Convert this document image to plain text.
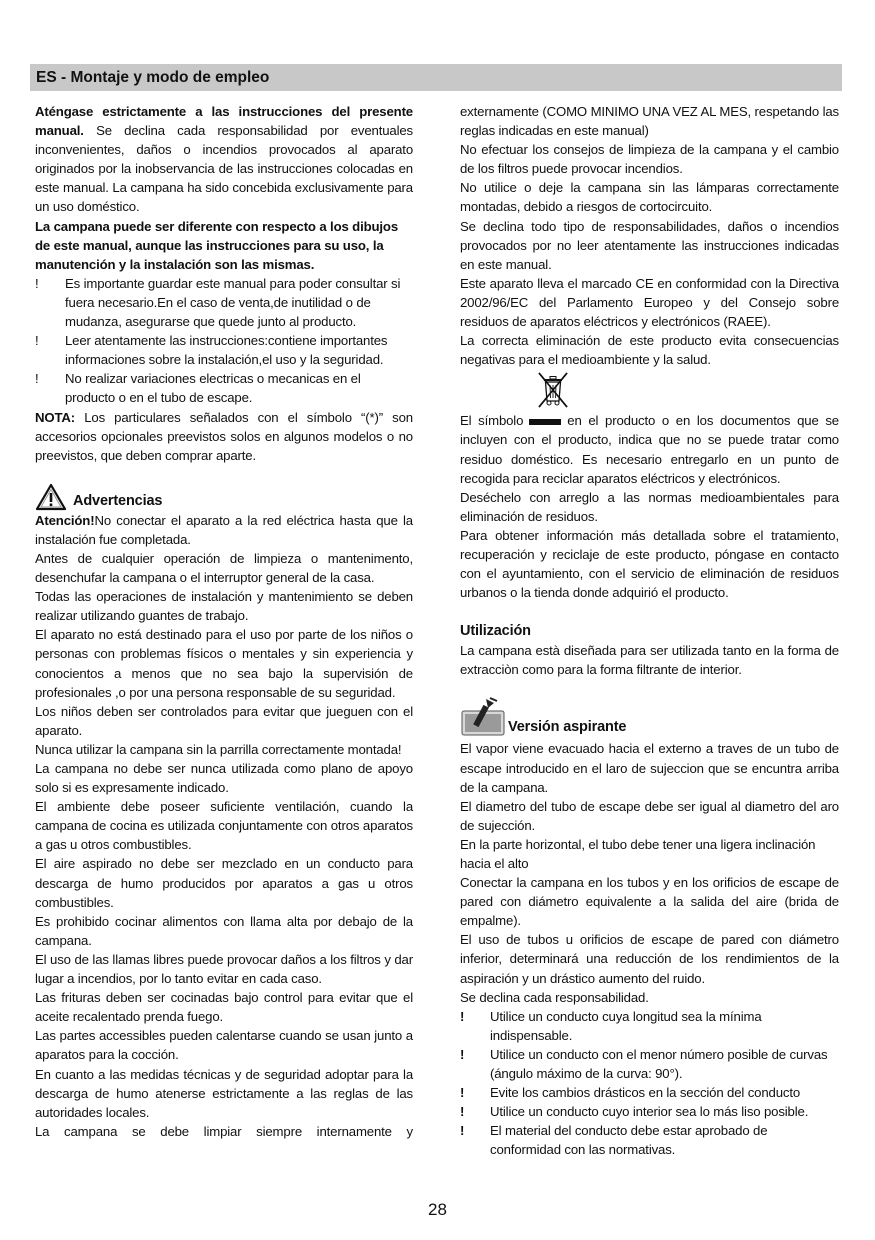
ES - Montaje y modo de empleo

Aténgase estrictamente a las instrucciones del presente manual. Se declina cada responsabilidad por eventuales inconvenientes, daños o incendios provocados al aparato originados por la inobservancia de las instrucciones colocadas en este manual. La campana ha sido concebida exclusivamente para un uso doméstico.

La campana puede ser diferente con respecto a los dibujos de este manual, aunque las instrucciones para su uso, la manutención y la instalación son las mismas.

!	Es importante guardar este manual para poder consultar si fuera necesario.En el caso de venta,de inutilidad o de mudanza, asegurarse que quede junto al producto.
!	Leer atentamente las instrucciones:contiene importantes informaciones sobre la instalación,el uso y la seguridad.
!	No realizar variaciones electricas o mecanicas en el producto o en el tubo de escape.

NOTA: Los particulares señalados con el símbolo “(*)” son accesorios opcionales preevistos solos en algunos modelos o no preevistos, que deben comprar aparte.

Advertencias

Atención!No conectar el aparato a la red eléctrica hasta que la instalación fue completada.

Antes de cualquier operación de limpieza o mantenimento, desenchufar la campana o el interruptor general de la casa.

Todas las operaciones de instalación y mantenimiento se deben realizar utilizando guantes de trabajo.

El aparato no está destinado para el uso por parte de los niños o personas con problemas físicos o mentales y sin experiencia y conocientos a menos que no sea bajo la supervisión de profesionales ,o por una persona responsable de su seguridad.

Los niños deben ser controlados para evitar que jueguen con el aparato.

Nunca utilizar la campana sin la parrilla correctamente montada!

La campana no debe ser nunca utilizada como plano de apoyo solo si es expresamente indicado.

El ambiente debe poseer suficiente ventilación, cuando la campana de cocina es utilizada conjuntamente con otros aparatos a gas u otros combustibles.

El aire aspirado no debe ser mezclado en un conducto para descarga de humo producidos por aparatos a gas u otros combustibles.

Es prohibido cocinar alimentos con llama alta por debajo de la campana.

El uso de las llamas libres puede provocar daños a los filtros y dar lugar a incendios, por lo tanto evitar en cada caso.

Las frituras deben ser cocinadas bajo control para evitar que el aceite recalentado prenda fuego.

Las partes accessibles pueden calentarse cuando se usan junto a aparatos para la cocción.

En cuanto a las medidas técnicas y de seguridad adoptar para la descarga de humo atenerse estrictamente a las reglas de las autoridades locales.

La campana se debe limpiar siempre internamente y

externamente (COMO MINIMO UNA VEZ AL MES, respetando las reglas indicadas en este manual)

No efectuar los consejos de limpieza de la campana y el cambio de los filtros puede provocar incendios.

No utilice o deje la campana sin las lámparas correctamente montadas, debido a riesgos de cortocircuito.

Se declina todo tipo de responsabilidades, daños o incendios provocados por no leer atentamente las instrucciones indicadas en este manual.

Este aparato lleva el marcado CE en conformidad con la Directiva 2002/96/EC del Parlamento Europeo y del Consejo sobre residuos de aparatos eléctricos y electrónicos (RAEE).

La correcta eliminación de este producto evita consecuencias negativas para el medioambiente y la salud.

El símbolo	en el producto o en los documentos que se incluyen con el producto, indica que no se puede tratar como residuo doméstico. Es necesario entregarlo en un punto de recogida para reciclar aparatos eléctricos y electrónicos.

Deséchelo con arreglo a las normas medioambientales para eliminación de residuos.

Para obtener información más detallada sobre el tratamiento, recuperación y reciclaje de este producto, póngase en contacto con el ayuntamiento, con el servicio de eliminación de residuos urbanos o la tienda donde adquirió el producto.

Utilización

La campana està diseñada para ser utilizada tanto en la forma de extracciòn como para la forma filtrante de interior.

Versión aspirante

El vapor viene evacuado hacia el externo a traves de un tubo de escape introducido en el laro de sujeccion que se encuntra arriba de la campana.

El diametro del tubo de escape debe ser igual al diametro del aro de sujección.

En la parte horizontal, el tubo debe tener una ligera inclinación hacia el alto

Conectar la campana en los tubos y en los orificios de escape de pared con diámetro equivalente a la salida del aire (brida de empalme).

El uso de tubos u orificios de escape de pared con diámetro inferior, determinará una reducción de los rendimientos de la aspiración y un drástico aumento del ruido.

Se declina cada responsabilidad.

!	Utilice un conducto cuya longitud sea la mínima indispensable.
!	Utilice un conducto con el menor número posible de curvas (ángulo máximo de la curva: 90°).
!	Evite los cambios drásticos en la sección del conducto
!	Utilice un conducto cuyo interior sea lo más liso posible.
!	El material del conducto debe estar aprobado de conformidad con las normativas.
28
